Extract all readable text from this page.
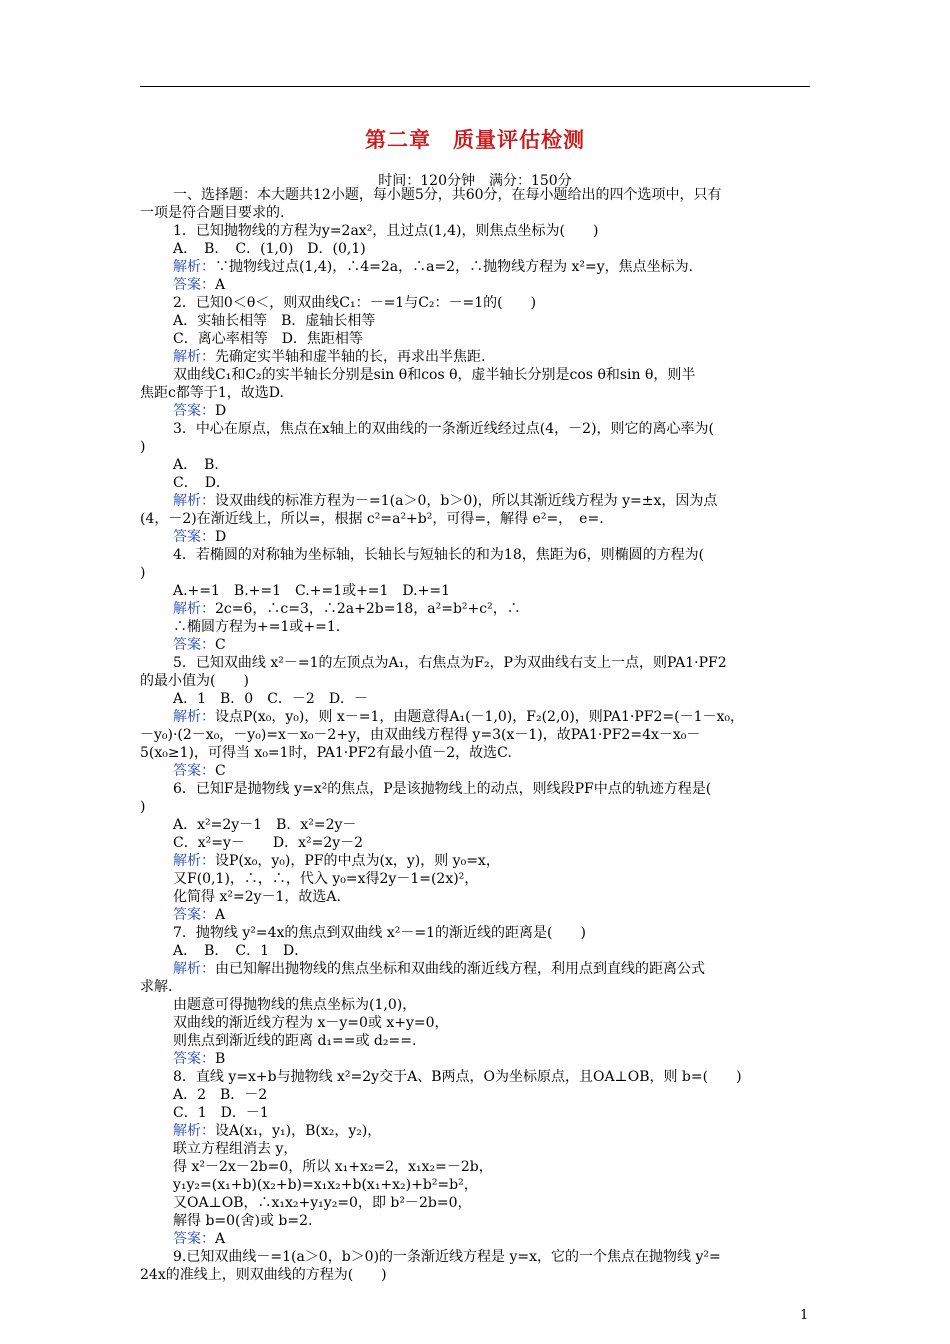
第二章　质量评估检测
时间：120分钟　满分：150分
一、选择题：本大题共12小题，每小题5分，共60分，在每小题给出的四个选项中，只有
一项是符合题目要求的.
1．已知抛物线的方程为y=2ax²，且过点(1,4)，则焦点坐标为(　　)
A．　B．　C．(1,0)　D．(0,1)
解析：∵抛物线过点(1,4)，∴4=2a，∴a=2，∴抛物线方程为 x²=y，焦点坐标为.
答案：A
2．已知0＜θ＜，则双曲线C₁：－=1与C₂：－=1的(　　)
A．实轴长相等　B．虚轴长相等
C．离心率相等　D．焦距相等
解析：先确定实半轴和虚半轴的长，再求出半焦距.
双曲线C₁和C₂的实半轴长分别是sin θ和cos θ，虚半轴长分别是cos θ和sin θ，则半
焦距c都等于1，故选D.
答案：D
3．中心在原点，焦点在x轴上的双曲线的一条渐近线经过点(4，－2)，则它的离心率为(
)
A．　B．
C．　D．
解析：设双曲线的标准方程为－=1(a＞0，b＞0)，所以其渐近线方程为 y=±x，因为点
(4，－2)在渐近线上，所以=，根据 c²=a²+b²，可得=，解得 e²=，　e=.
答案：D
4．若椭圆的对称轴为坐标轴，长轴长与短轴长的和为18，焦距为6，则椭圆的方程为(
)
A.+=1　B.+=1　C.+=1或+=1　D.+=1
解析：2c=6，∴c=3，∴2a+2b=18，a²=b²+c²，∴
∴椭圆方程为+=1或+=1.
答案：C
5．已知双曲线 x²－=1的左顶点为A₁，右焦点为F₂，P为双曲线右支上一点，则PA1·PF2
的最小值为(　　)
A．1　B．0　C．－2　D．－
解析：设点P(x₀，y₀)，则 x－=1，由题意得A₁(－1,0)，F₂(2,0)，则PA1·PF2=(－1－x₀，
－y₀)·(2－x₀，－y₀)=x－x₀－2+y，由双曲线方程得 y=3(x－1)，故PA1·PF2=4x－x₀－
5(x₀≥1)，可得当 x₀=1时，PA1·PF2有最小值－2，故选C.
答案：C
6．已知F是抛物线 y=x²的焦点，P是该抛物线上的动点，则线段PF中点的轨迹方程是(
)
A．x²=2y－1　B．x²=2y－
C．x²=y－　　D．x²=2y－2
解析：设P(x₀，y₀)，PF的中点为(x，y)，则 y₀=x，
又F(0,1)，∴，∴，代入 y₀=x得2y－1=(2x)²，
化简得 x²=2y－1，故选A.
答案：A
7．抛物线 y²=4x的焦点到双曲线 x²－=1的渐近线的距离是(　　)
A．　B．　C．1　D．
解析：由已知解出抛物线的焦点坐标和双曲线的渐近线方程，利用点到直线的距离公式
求解.
由题意可得抛物线的焦点坐标为(1,0)，
双曲线的渐近线方程为 x－y=0或 x+y=0，
则焦点到渐近线的距离 d₁==或 d₂==.
答案：B
8．直线 y=x+b与抛物线 x²=2y交于A、B两点，O为坐标原点，且OA⊥OB，则 b=(　　)
A．2　B．－2
C．1　D．－1
解析：设A(x₁，y₁)，B(x₂，y₂)，
联立方程组消去 y，
得 x²－2x－2b=0，所以 x₁+x₂=2，x₁x₂=－2b，
y₁y₂=(x₁+b)(x₂+b)=x₁x₂+b(x₁+x₂)+b²=b²，
又OA⊥OB，∴x₁x₂+y₁y₂=0，即 b²－2b=0，
解得 b=0(舍)或 b=2.
答案：A
9.已知双曲线－=1(a＞0，b＞0)的一条渐近线方程是 y=x，它的一个焦点在抛物线 y²=
24x的准线上，则双曲线的方程为(　　)
1
